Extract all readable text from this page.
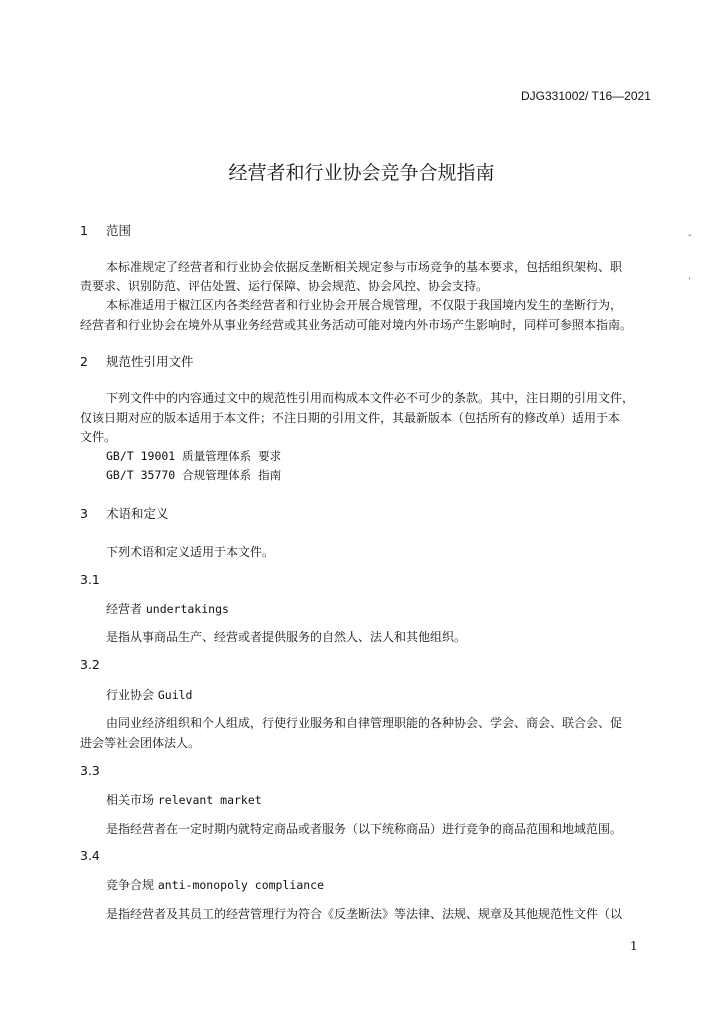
DJG331002/ T16—2021
经营者和行业协会竞争合规指南
1 范围
本标准规定了经营者和行业协会依据反垄断相关规定参与市场竞争的基本要求，包括组织架构、职
责要求、识别防范、评估处置、运行保障、协会规范、协会风控、协会支持。
本标准适用于椒江区内各类经营者和行业协会开展合规管理，不仅限于我国境内发生的垄断行为，
经营者和行业协会在境外从事业务经营或其业务活动可能对境内外市场产生影响时，同样可参照本指南。
2 规范性引用文件
下列文件中的内容通过文中的规范性引用而构成本文件必不可少的条款。其中，注日期的引用文件，
仅该日期对应的版本适用于本文件；不注日期的引用文件，其最新版本（包括所有的修改单）适用于本
文件。
GB/T 19001 质量管理体系 要求
GB/T 35770 合规管理体系 指南
3 术语和定义
下列术语和定义适用于本文件。
3.1
经营者 undertakings
是指从事商品生产、经营或者提供服务的自然人、法人和其他组织。
3.2
行业协会 Guild
由同业经济组织和个人组成，行使行业服务和自律管理职能的各种协会、学会、商会、联合会、促
进会等社会团体法人。
3.3
相关市场 relevant market
是指经营者在一定时期内就特定商品或者服务（以下统称商品）进行竞争的商品范围和地域范围。
3.4
竞争合规 anti-monopoly compliance
是指经营者及其员工的经营管理行为符合《反垄断法》等法律、法规、规章及其他规范性文件（以
1
-
·
